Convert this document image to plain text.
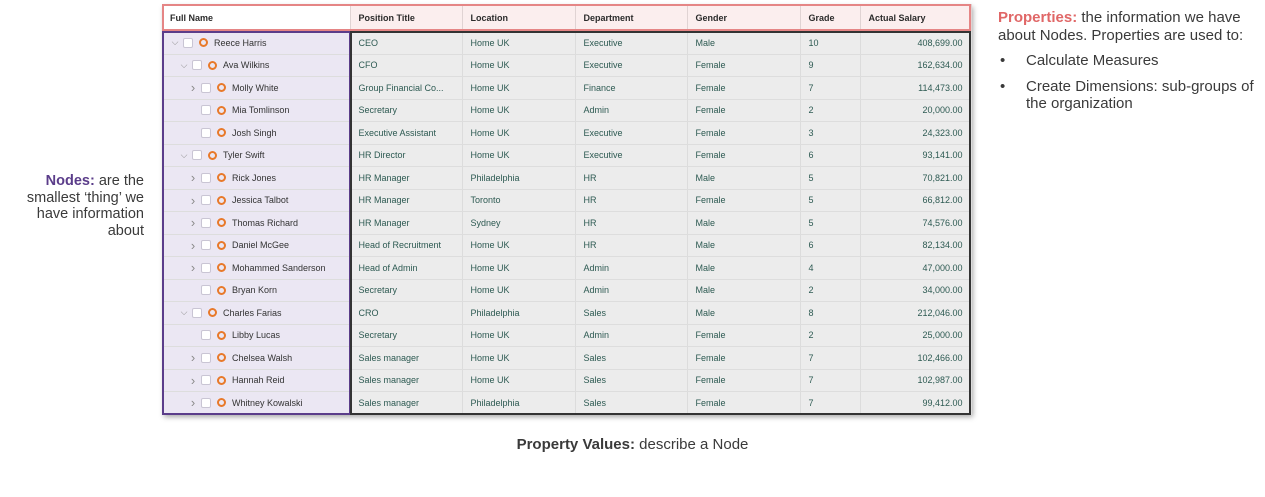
Nodes: are the smallest ‘thing’ we have information about
Properties: the information we have about Nodes. Properties are used to:
• Calculate Measures
• Create Dimensions: sub-groups of the organization
Full Name	Position Title	Location	Department	Gender	Grade	Actual Salary

⌵ Reece Harris	CEO	Home UK	Executive	Male	10	408,699.00

⌵ Ava Wilkins	CFO	Home UK	Executive	Female	9	162,634.00

› Molly White	Group Financial Co...	Home UK	Finance	Female	7	114,473.00

Mia Tomlinson	Secretary	Home UK	Admin	Female	2	20,000.00

Josh Singh	Executive Assistant	Home UK	Executive	Female	3	24,323.00

⌵ Tyler Swift	HR Director	Home UK	Executive	Female	6	93,141.00

› Rick Jones	HR Manager	Philadelphia	HR	Male	5	70,821.00

› Jessica Talbot	HR Manager	Toronto	HR	Female	5	66,812.00

› Thomas Richard	HR Manager	Sydney	HR	Male	5	74,576.00

› Daniel McGee	Head of Recruitment	Home UK	HR	Male	6	82,134.00

› Mohammed Sanderson	Head of Admin	Home UK	Admin	Male	4	47,000.00

Bryan Korn	Secretary	Home UK	Admin	Male	2	34,000.00

⌵ Charles Farias	CRO	Philadelphia	Sales	Male	8	212,046.00

Libby Lucas	Secretary	Home UK	Admin	Female	2	25,000.00

› Chelsea Walsh	Sales manager	Home UK	Sales	Female	7	102,466.00

› Hannah Reid	Sales manager	Home UK	Sales	Female	7	102,987.00

› Whitney Kowalski	Sales manager	Philadelphia	Sales	Female	7	99,412.00
Property Values: describe a Node
